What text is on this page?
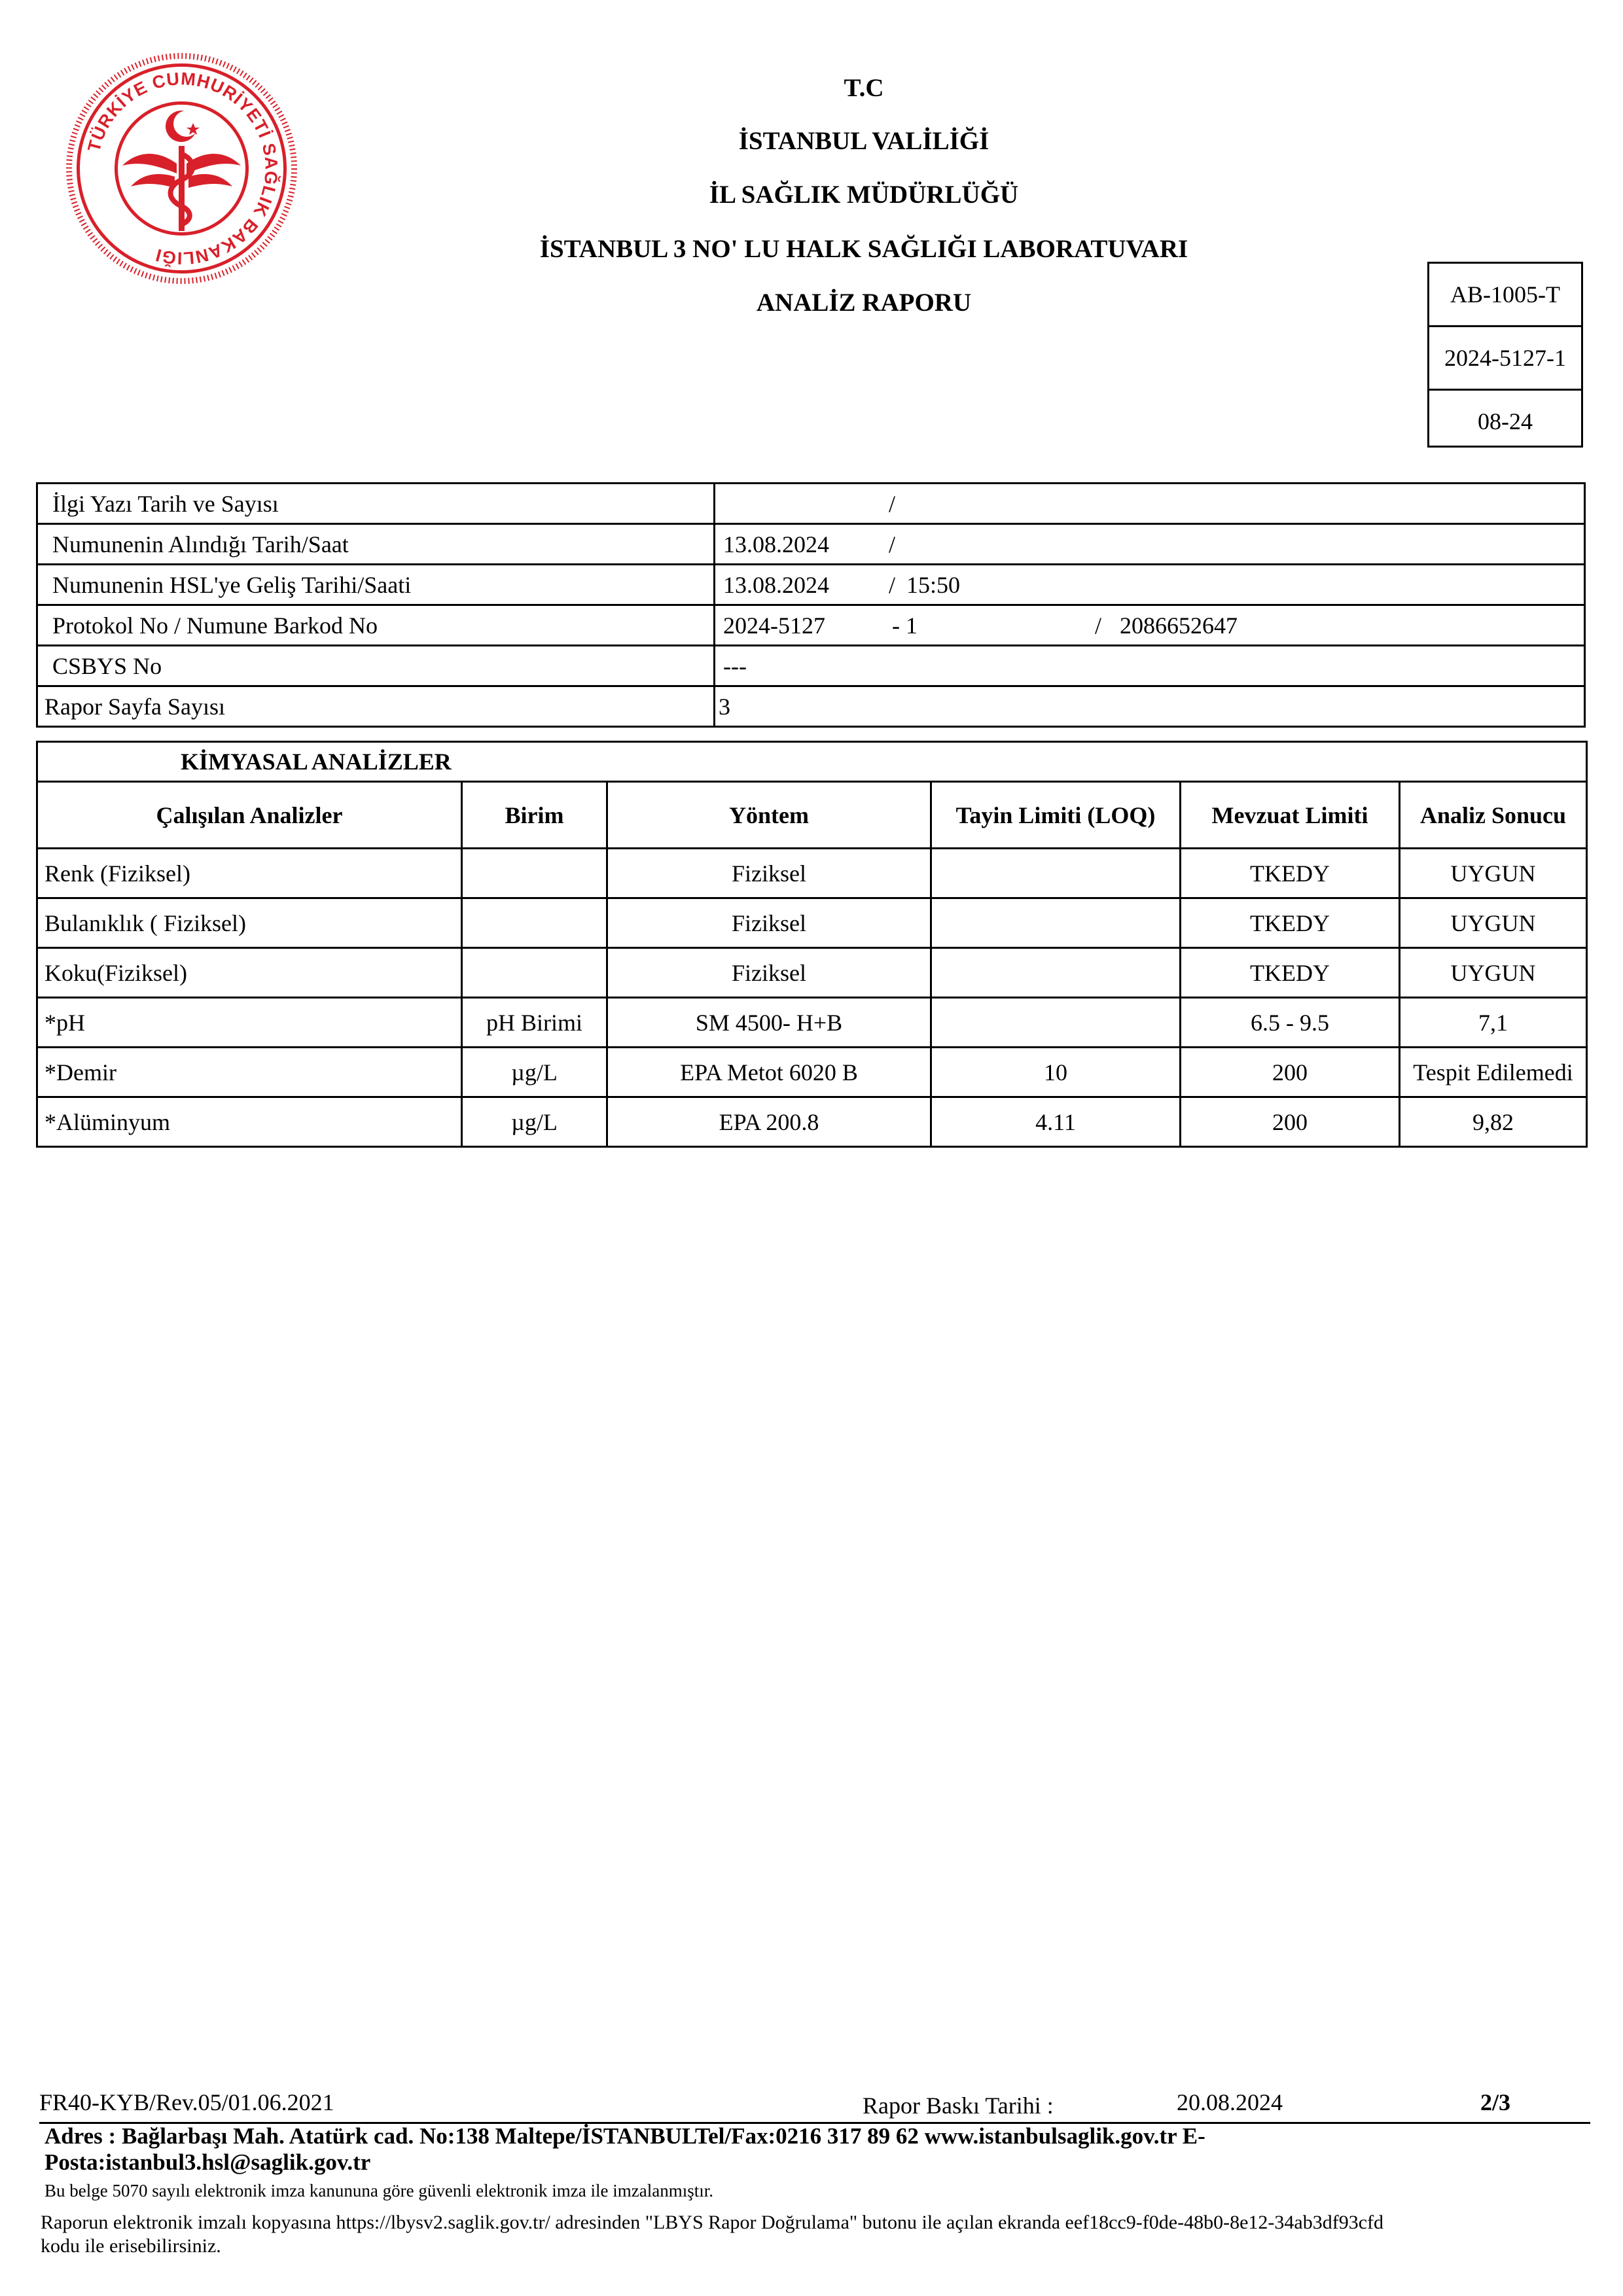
TÜRKİYE CUMHURİYETİ SAĞLIK BAKANLIĞI
T.C
İSTANBUL VALİLİĞİ
İL SAĞLIK MÜDÜRLÜĞÜ
İSTANBUL 3 NO' LU HALK SAĞLIĞI LABORATUVARI
ANALİZ RAPORU	AB-1005-T
2024-5127-1
08-24
İlgi Yazı Tarih ve Sayısı	/

Numunenin Alındığı Tarih/Saat	13.08.2024 /

Numunenin HSL'ye Geliş Tarihi/Saati	13.08.2024 / 15:50

Protokol No / Numune Barkod No	2024-5127 - 1 / 2086652647

CSBYS No	---
Rapor Sayfa Sayısı	3
KİMYASAL ANALİZLER					
Çalışılan Analizler	Birim	Yöntem	Tayin Limiti (LOQ)	Mevzuat Limiti	Analiz Sonucu
Renk (Fiziksel)		Fiziksel		TKEDY	UYGUN
Bulanıklık ( Fiziksel)		Fiziksel		TKEDY	UYGUN
Koku(Fiziksel)		Fiziksel		TKEDY	UYGUN
*pH	pH Birimi	SM 4500- H+B		6.5 - 9.5	7,1
*Demir	µg/L	EPA Metot 6020 B	10	200	Tespit Edilemedi
*Alüminyum	µg/L	EPA 200.8	4.11	200	9,82
FR40-KYB/Rev.05/01.06.2021	Rapor Baskı Tarihi :	20.08.2024	2/3
Adres : Bağlarbaşı Mah. Atatürk cad. No:138 Maltepe/İSTANBULTel/Fax:0216 317 89 62 www.istanbulsaglik.gov.tr E-
Posta:istanbul3.hsl@saglik.gov.tr
Bu belge 5070 sayılı elektronik imza kanununa göre güvenli elektronik imza ile imzalanmıştır.
Raporun elektronik imzalı kopyasına https://lbysv2.saglik.gov.tr/ adresinden "LBYS Rapor Doğrulama" butonu ile açılan ekranda eef18cc9-f0de-48b0-8e12-34ab3df93cfd
kodu ile erisebilirsiniz.
